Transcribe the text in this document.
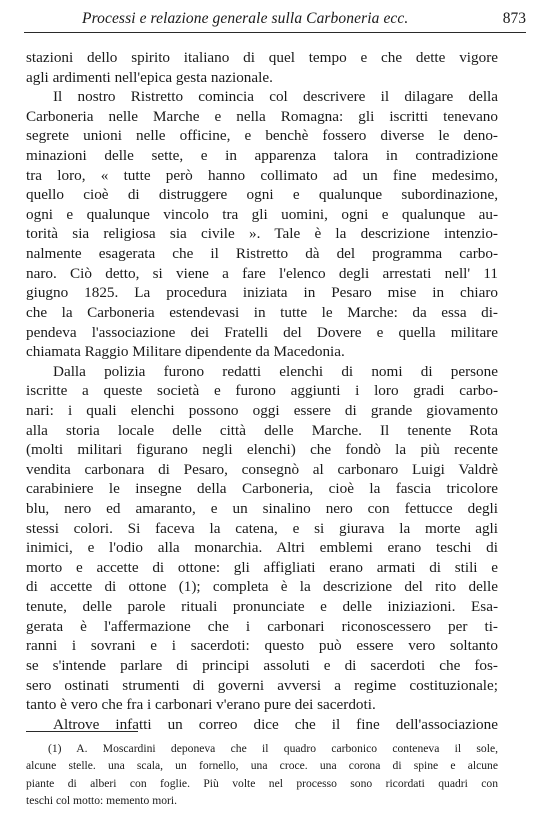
Processi e relazione generale sulla Carboneria ecc.	873
stazioni dello spirito italiano di quel tempo e che dette vigore
agli ardimenti nell'epica gesta nazionale.
Il nostro Ristretto comincia col descrivere il dilagare della
Carboneria nelle Marche e nella Romagna: gli iscritti tenevano
segrete unioni nelle officine, e benchè fossero diverse le deno-
minazioni delle sette, e in apparenza talora in contradizione
tra loro, « tutte però hanno collimato ad un fine medesimo,
quello cioè di distruggere ogni e qualunque subordinazione,
ogni e qualunque vincolo tra gli uomini, ogni e qualunque au-
torità sia religiosa sia civile ». Tale è la descrizione intenzio-
nalmente esagerata che il Ristretto dà del programma carbo-
naro. Ciò detto, si viene a fare l'elenco degli arrestati nell' 11
giugno 1825. La procedura iniziata in Pesaro mise in chiaro
che la Carboneria estendevasi in tutte le Marche: da essa di-
pendeva l'associazione dei Fratelli del Dovere e quella militare
chiamata Raggio Militare dipendente da Macedonia.
Dalla polizia furono redatti elenchi di nomi di persone
iscritte a queste società e furono aggiunti i loro gradi carbo-
nari: i quali elenchi possono oggi essere di grande giovamento
alla storia locale delle città delle Marche. Il tenente Rota
(molti militari figurano negli elenchi) che fondò la più recente
vendita carbonara di Pesaro, consegnò al carbonaro Luigi Valdrè
carabiniere le insegne della Carboneria, cioè la fascia tricolore
blu, nero ed amaranto, e un sinalino nero con fettucce degli
stessi colori. Si faceva la catena, e si giurava la morte agli
inimici, e l'odio alla monarchia. Altri emblemi erano teschi di
morto e accette di ottone: gli affigliati erano armati di stili e
di accette di ottone (1); completa è la descrizione del rito delle
tenute, delle parole rituali pronunciate e delle iniziazioni. Esa-
gerata è l'affermazione che i carbonari riconoscessero per ti-
ranni i sovrani e i sacerdoti: questo può essere vero soltanto
se s'intende parlare di principi assoluti e di sacerdoti che fos-
sero ostinati strumenti di governi avversi a regime costituzionale;
tanto è vero che fra i carbonari v'erano pure dei sacerdoti.
Altrove infatti un correo dice che il fine dell'associazione
(1) A. Moscardini deponeva che il quadro carbonico conteneva il sole,
alcune stelle. una scala, un fornello, una croce. una corona di spine e alcune
piante di alberi con foglie. Più volte nel processo sono ricordati quadri con
teschi col motto: memento mori.
